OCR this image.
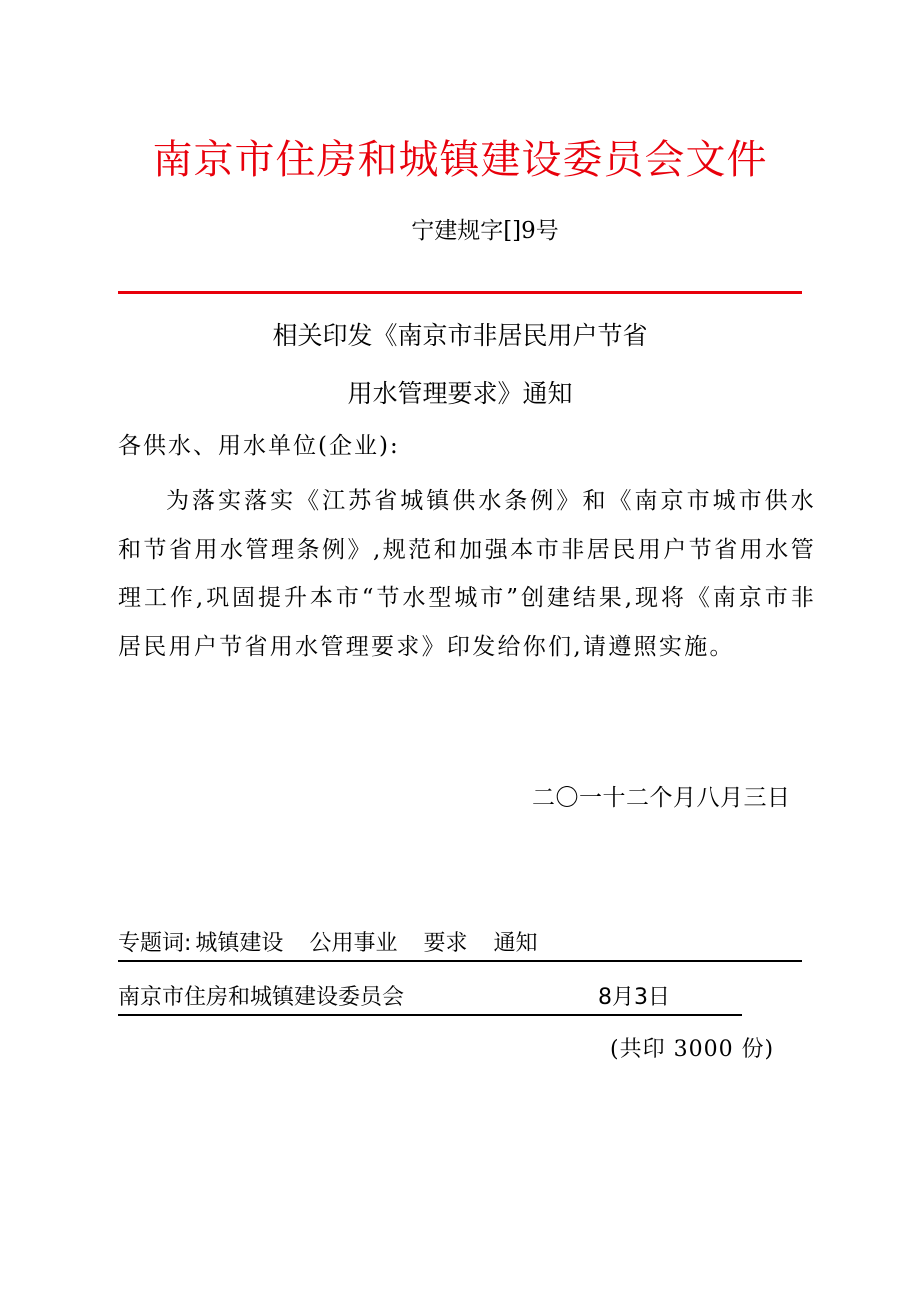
南京市住房和城镇建设委员会文件
宁建规字[]9号
相关印发《南京市非居民用户节省
用水管理要求》通知
各供水、用水单位(企业):
为落实落实《江苏省城镇供水条例》和《南京市城市供水和节省用水管理条例》,规范和加强本市非居民用户节省用水管理工作,巩固提升本市“节水型城市”创建结果,现将《南京市非居民用户节省用水管理要求》印发给你们,请遵照实施。
二〇一十二个月八月三日
专题词: 城镇建设 公用事业 要求 通知
南京市住房和城镇建设委员会	8月3日
(共印 3000 份)
